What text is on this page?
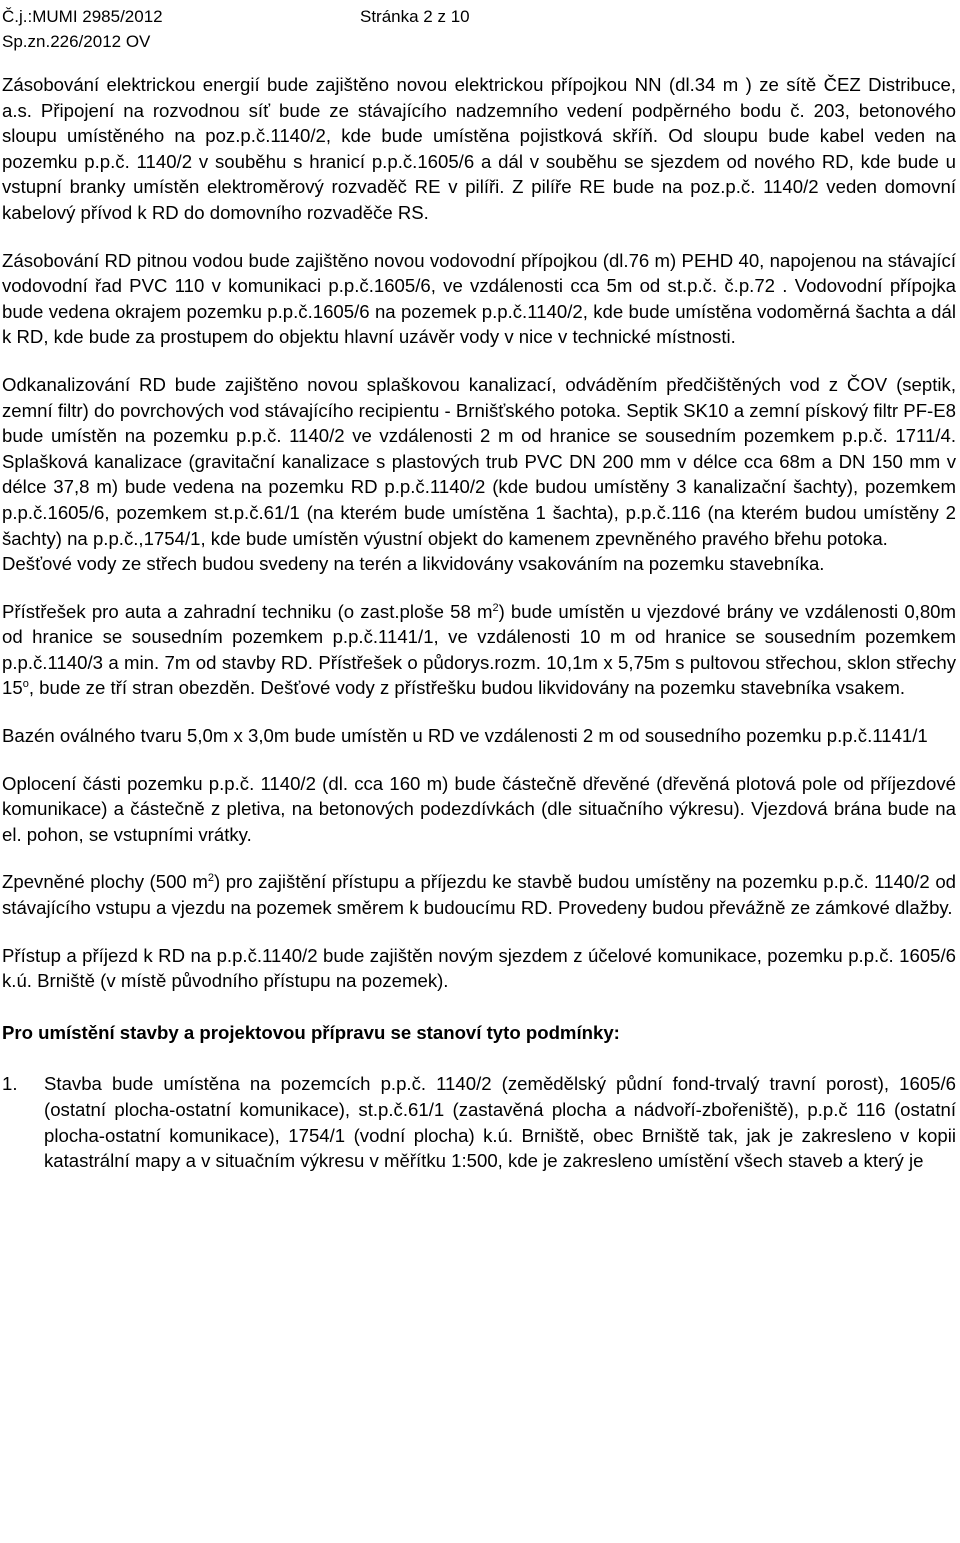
Č.j.:MUMI 2985/2012
Sp.zn.226/2012 OV
Stránka 2 z 10

Zásobování elektrickou energií bude zajištěno novou elektrickou přípojkou NN (dl.34 m ) ze sítě ČEZ Distribuce, a.s. Připojení na rozvodnou síť bude ze stávajícího nadzemního vedení podpěrného bodu č. 203, betonového sloupu umístěného na poz.p.č.1140/2, kde bude umístěna pojistková skříň. Od sloupu bude kabel veden na pozemku p.p.č. 1140/2 v souběhu s hranicí p.p.č.1605/6 a dál v souběhu se sjezdem od nového RD, kde bude u vstupní branky umístěn elektroměrový rozvaděč RE v pilíři. Z pilíře RE bude na poz.p.č. 1140/2 veden domovní kabelový přívod k RD do domovního rozvaděče RS.

Zásobování RD pitnou vodou bude zajištěno novou vodovodní přípojkou (dl.76 m) PEHD 40, napojenou na stávající vodovodní řad PVC 110 v komunikaci p.p.č.1605/6, ve vzdálenosti cca 5m od st.p.č. č.p.72 . Vodovodní přípojka bude vedena okrajem pozemku p.p.č.1605/6 na pozemek p.p.č.1140/2, kde bude umístěna vodoměrná šachta a dál k RD, kde bude za prostupem do objektu hlavní uzávěr vody v nice v technické místnosti.

Odkanalizování RD bude zajištěno novou splaškovou kanalizací, odváděním předčištěných vod z ČOV (septik, zemní filtr) do povrchových vod stávajícího recipientu - Brnišťského potoka. Septik SK10 a zemní pískový filtr PF-E8 bude umístěn na pozemku p.p.č. 1140/2 ve vzdálenosti 2 m od hranice se sousedním pozemkem p.p.č. 1711/4. Splašková kanalizace (gravitační kanalizace s plastových trub PVC DN 200 mm v délce cca 68m a DN 150 mm v délce 37,8 m) bude vedena na pozemku RD p.p.č.1140/2 (kde budou umístěny 3 kanalizační šachty), pozemkem p.p.č.1605/6, pozemkem st.p.č.61/1 (na kterém bude umístěna 1 šachta), p.p.č.116 (na kterém budou umístěny 2 šachty) na p.p.č.,1754/1, kde bude umístěn výustní objekt do kamenem zpevněného pravého břehu potoka.

Dešťové vody ze střech budou svedeny na terén a likvidovány vsakováním na pozemku stavebníka.

Přístřešek pro auta a zahradní techniku (o zast.ploše 58 $m^2$) bude umístěn u vjezdové brány ve vzdálenosti 0,80m od hranice se sousedním pozemkem p.p.č.1141/1, ve vzdálenosti 10 m od hranice se sousedním pozemkem p.p.č.1140/3 a min. 7m od stavby RD. Přístřešek o půdorys.rozm. 10,1m x 5,75m s pultovou střechou, sklon střechy 15$^o$, bude ze tří stran obezděn. Dešťové vody z přístřešku budou likvidovány na pozemku stavebníka vsakem.

Bazén oválného tvaru 5,0m x 3,0m bude umístěn u RD ve vzdálenosti 2 m od sousedního pozemku p.p.č.1141/1

Oplocení části pozemku p.p.č. 1140/2 (dl. cca 160 m) bude částečně dřevěné (dřevěná plotová pole od příjezdové komunikace) a částečně z pletiva, na betonových podezdívkách (dle situačního výkresu). Vjezdová brána bude na el. pohon, se vstupními vrátky.

Zpevněné plochy (500 $m^2$) pro zajištění přístupu a příjezdu ke stavbě budou umístěny na pozemku p.p.č. 1140/2 od stávajícího vstupu a vjezdu na pozemek směrem k budoucímu RD. Provedeny budou převážně ze zámkové dlažby.

Přístup a příjezd k RD na p.p.č.1140/2 bude zajištěn novým sjezdem z účelové komunikace, pozemku p.p.č. 1605/6 k.ú. Brniště (v místě původního přístupu na pozemek).

Pro umístění stavby a projektovou přípravu se stanoví tyto podmínky:

1. Stavba bude umístěna na pozemcích p.p.č. 1140/2 (zemědělský půdní fond-trvalý travní porost), 1605/6 (ostatní plocha-ostatní komunikace), st.p.č.61/1 (zastavěná plocha a nádvoří-zbořeniště), p.p.č 116 (ostatní plocha-ostatní komunikace), 1754/1 (vodní plocha) k.ú. Brniště, obec Brniště tak, jak je zakresleno v kopii katastrální mapy a v situačním výkresu v měřítku 1:500, kde je zakresleno umístění všech staveb a který je
